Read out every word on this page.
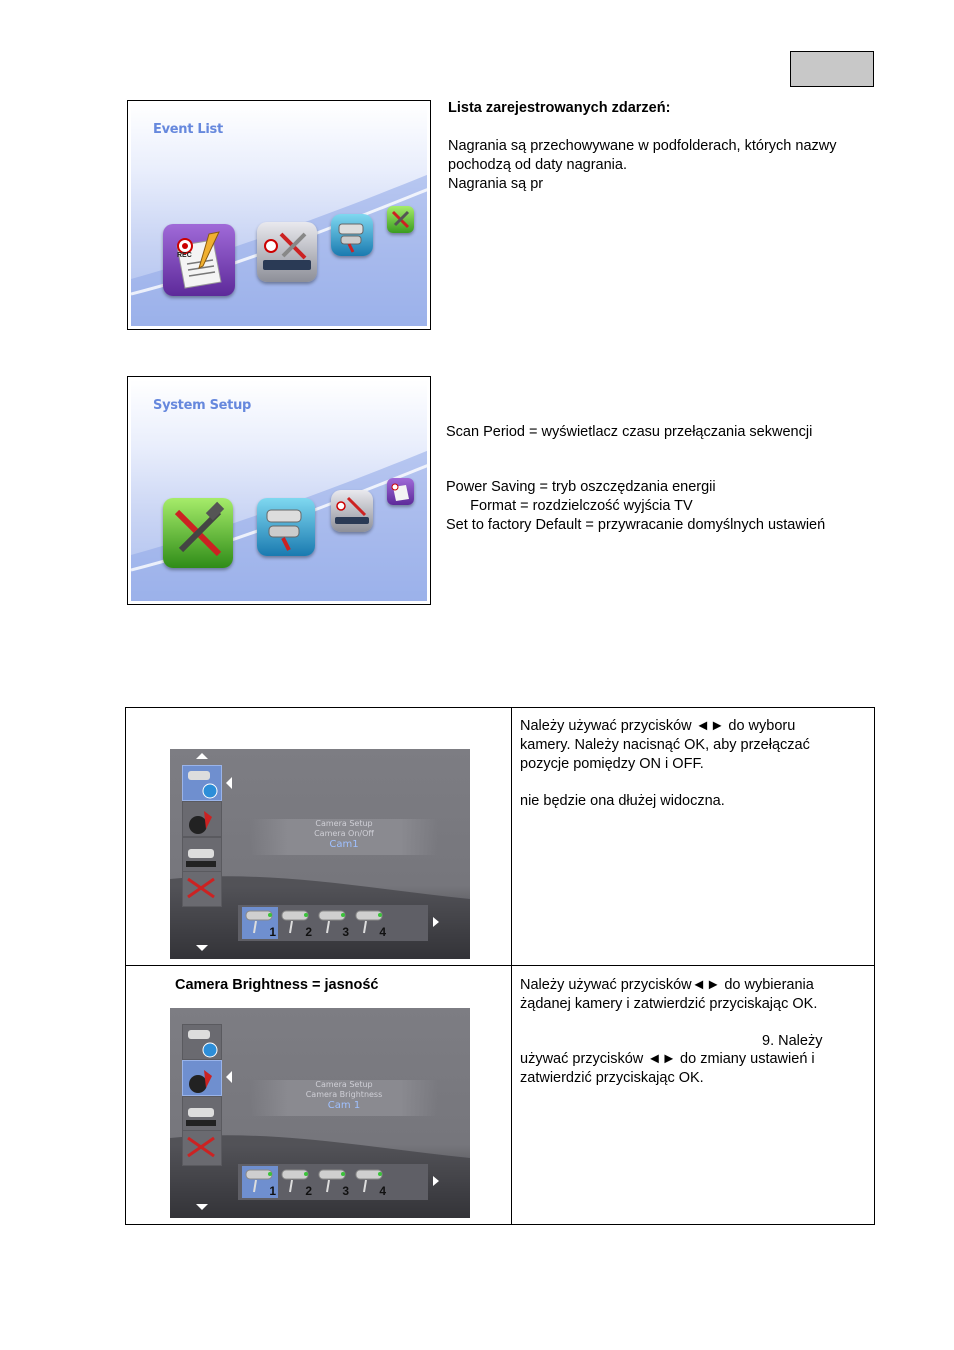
Event List
REC
Lista zarejestrowanych zdarzeń:
Nagrania są przechowywane w podfolderach, których nazwy
pochodzą od daty nagrania.
Nagrania są pr
System Setup
Scan Period = wyświetlacz czasu przełączania sekwencji
Power Saving = tryb oszczędzania energii
Format = rozdzielczość wyjścia TV
Set to factory Default = przywracanie domyślnych ustawień
Camera Setup
Camera On/Off
Cam1
1 2	3	4
Należy używać przycisków ◄► do wyboru
kamery. Należy nacisnąć OK, aby przełączać
pozycje pomiędzy ON i OFF.
nie będzie ona dłużej widoczna.
Camera Brightness = jasność
Camera Setup
Camera Brightness
Cam 1
1 2	3	4
Należy używać przycisków◄► do wybierania
żądanej kamery i zatwierdzić przyciskając OK.
9. Należy
używać przycisków ◄► do zmiany ustawień i
zatwierdzić przyciskając OK.
